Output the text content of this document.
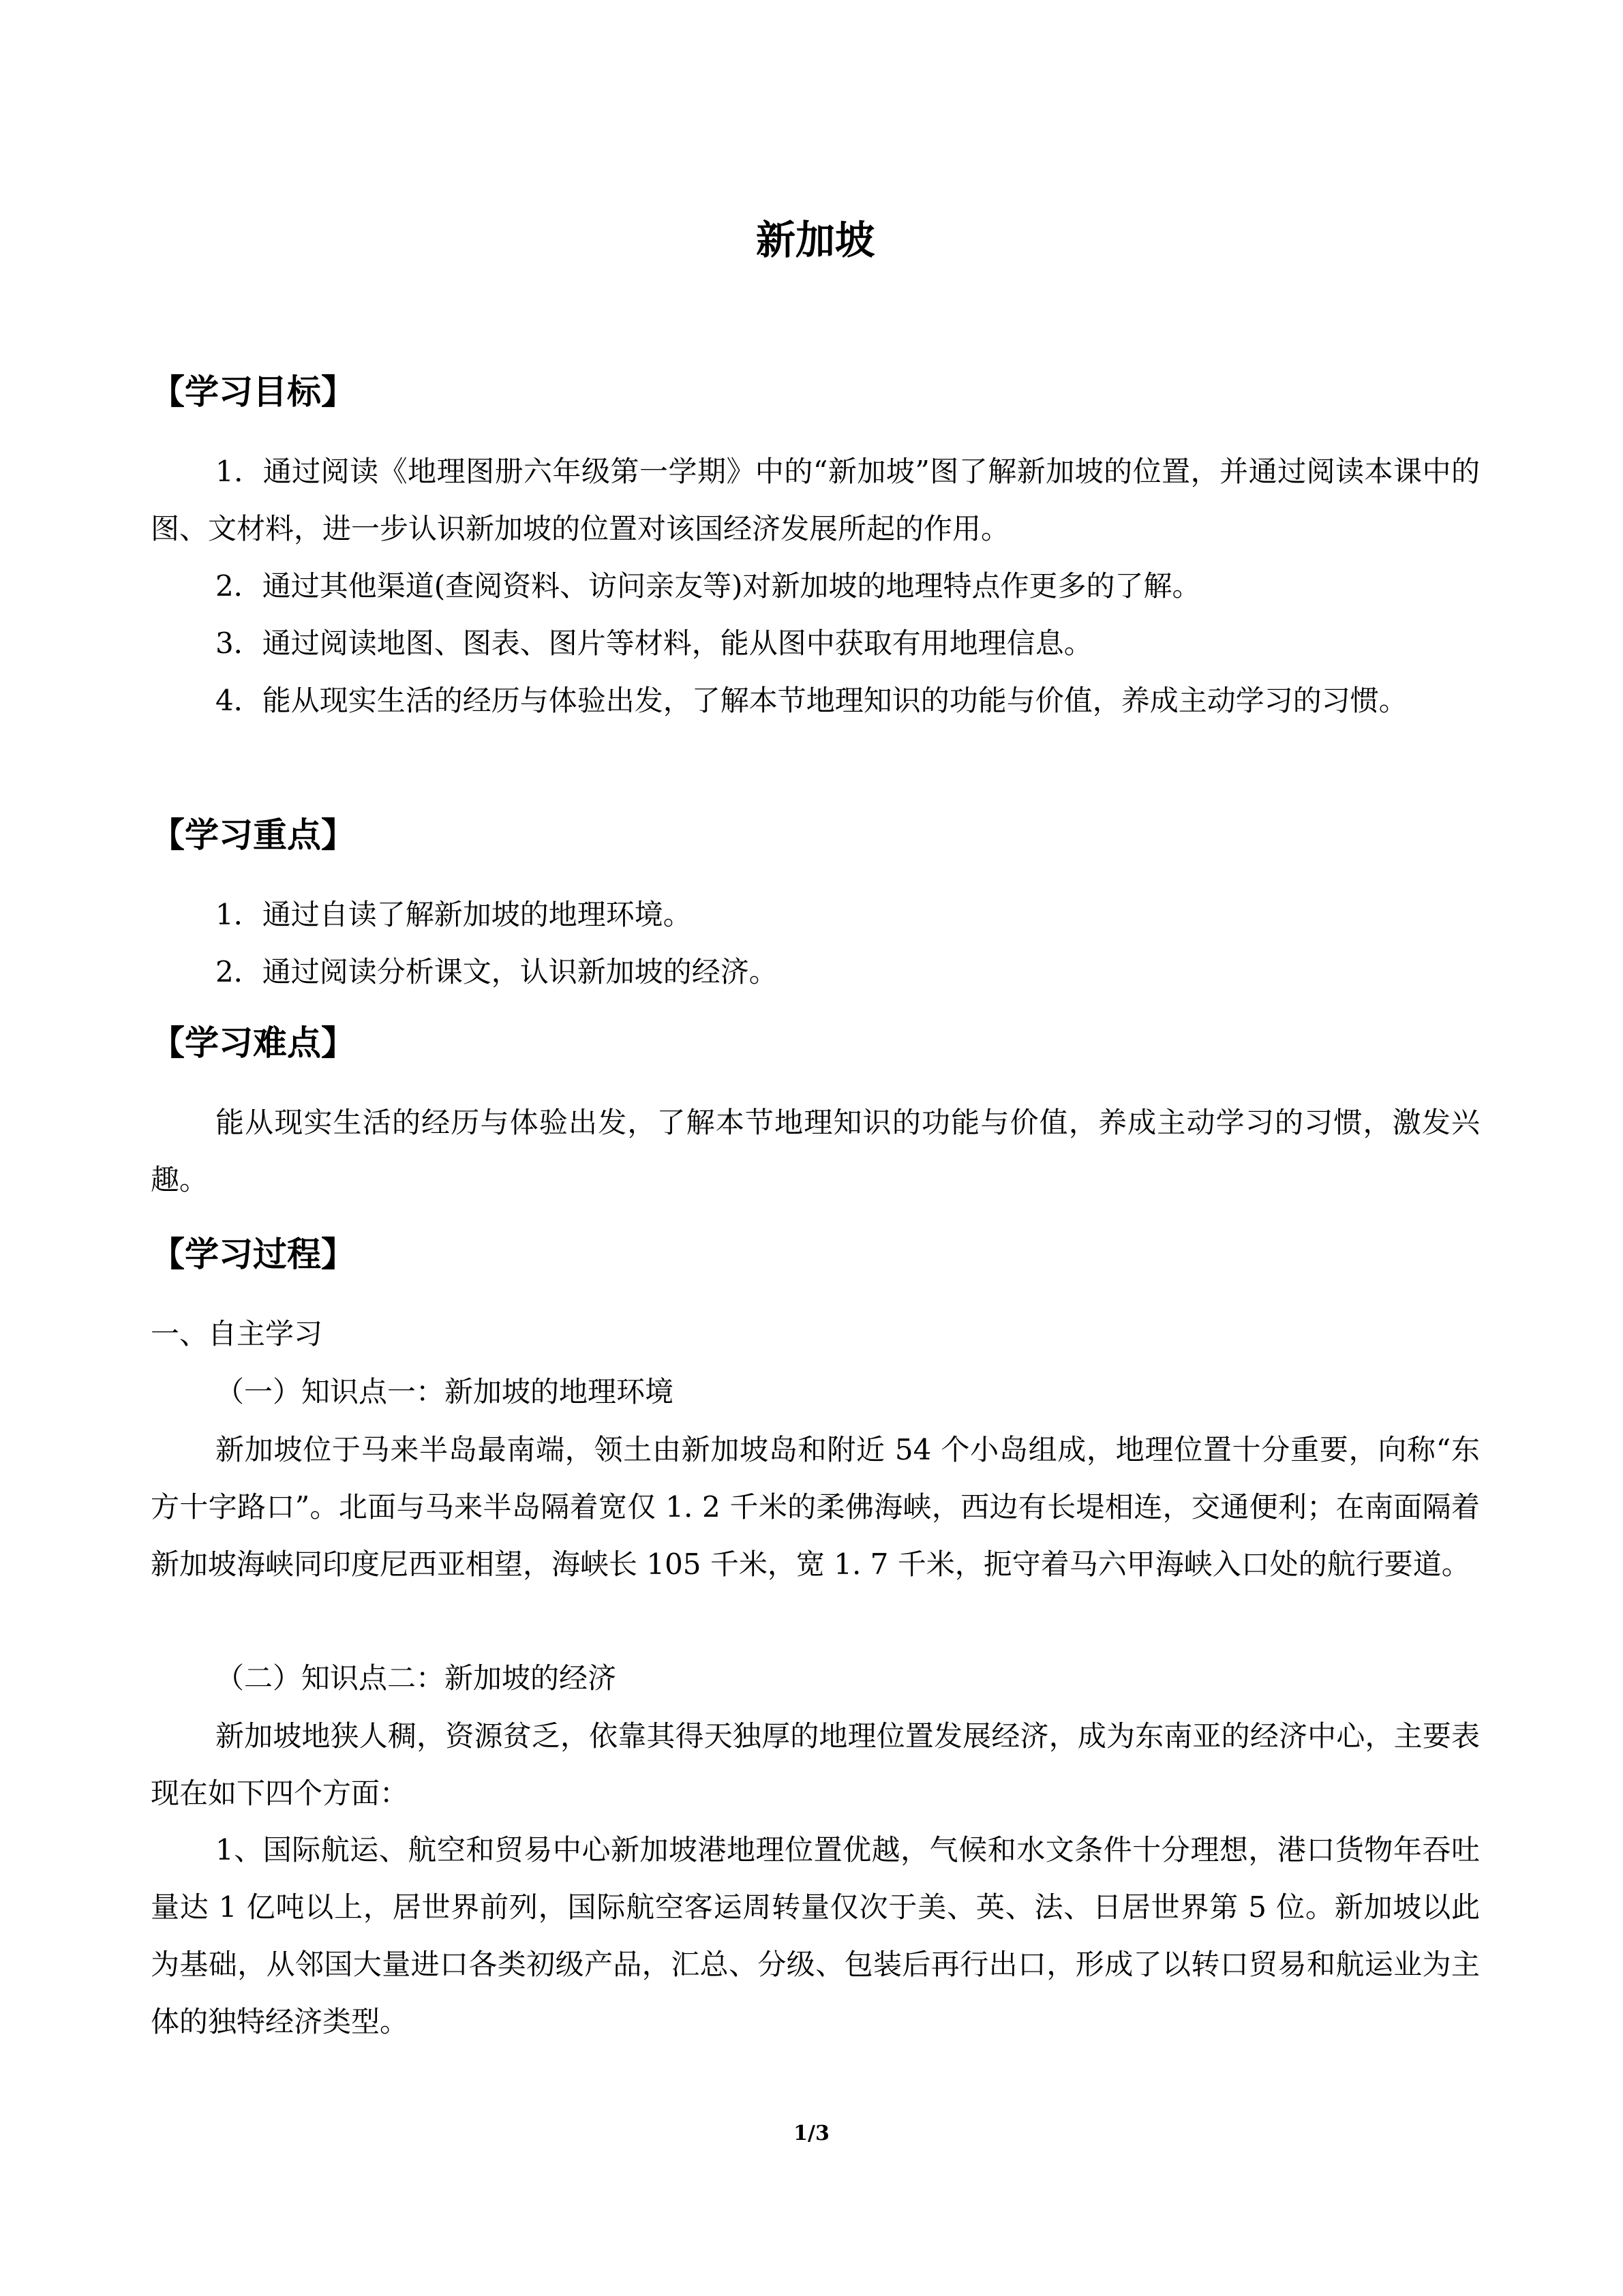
新加坡
【学习目标】

1．通过阅读《地理图册六年级第一学期》中的“新加坡”图了解新加坡的位置，并通过阅读本课中的图、文材料，进一步认识新加坡的位置对该国经济发展所起的作用。

2．通过其他渠道(查阅资料、访问亲友等)对新加坡的地理特点作更多的了解。

3．通过阅读地图、图表、图片等材料，能从图中获取有用地理信息。

4．能从现实生活的经历与体验出发，了解本节地理知识的功能与价值，养成主动学习的习惯。

【学习重点】

1．通过自读了解新加坡的地理环境。

2．通过阅读分析课文，认识新加坡的经济。

【学习难点】

能从现实生活的经历与体验出发，了解本节地理知识的功能与价值，养成主动学习的习惯，激发兴趣。

【学习过程】

一、自主学习

（一）知识点一：新加坡的地理环境

新加坡位于马来半岛最南端，领土由新加坡岛和附近 54 个小岛组成，地理位置十分重要，向称“东方十字路口”。北面与马来半岛隔着宽仅 1. 2 千米的柔佛海峡，西边有长堤相连，交通便利；在南面隔着新加坡海峡同印度尼西亚相望，海峡长 105 千米，宽 1. 7 千米，扼守着马六甲海峡入口处的航行要道。

（二）知识点二：新加坡的经济

新加坡地狭人稠，资源贫乏，依靠其得天独厚的地理位置发展经济，成为东南亚的经济中心，主要表现在如下四个方面：

1、国际航运、航空和贸易中心新加坡港地理位置优越，气候和水文条件十分理想，港口货物年吞吐量达 1 亿吨以上，居世界前列，国际航空客运周转量仅次于美、英、法、日居世界第 5 位。新加坡以此为基础，从邻国大量进口各类初级产品，汇总、分级、包装后再行出口，形成了以转口贸易和航运业为主体的独特经济类型。

1/3
